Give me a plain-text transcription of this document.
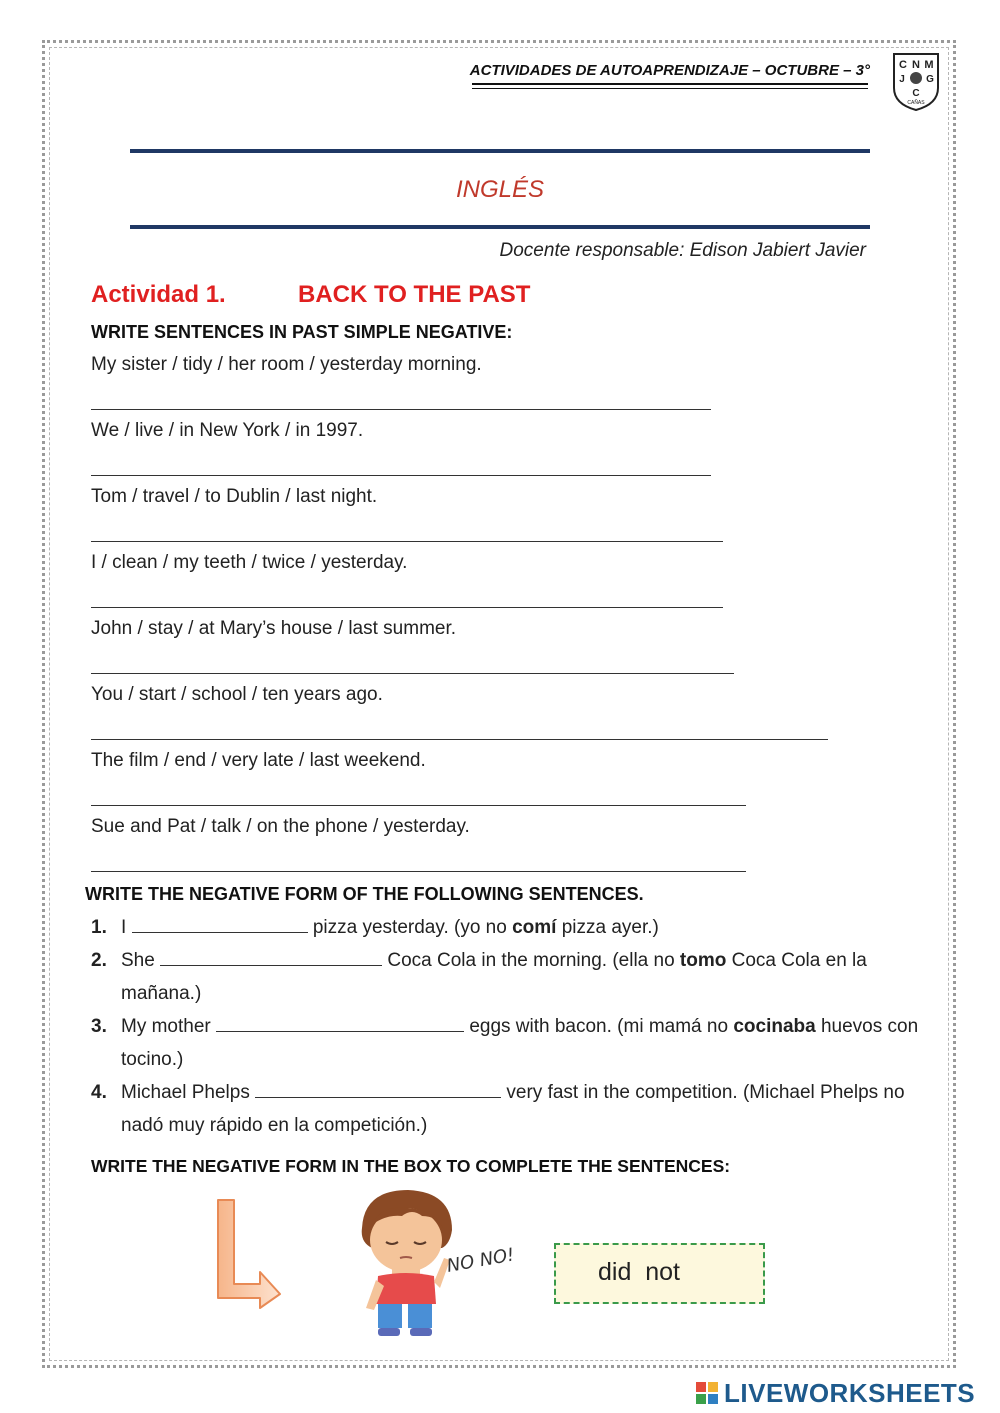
ACTIVIDADES DE AUTOAPRENDIZAJE – OCTUBRE – 3°	C N M
J G
C
CAÑAS
INGLÉS
Docente responsable: Edison Jabiert Javier
Actividad 1.	BACK TO THE PAST
WRITE SENTENCES IN PAST SIMPLE NEGATIVE:
My sister / tidy / her room / yesterday morning.
We / live / in New York / in 1997.
Tom / travel / to Dublin / last night.
I / clean / my teeth / twice / yesterday.
John / stay / at Mary’s house / last summer.
You / start / school / ten years ago.
The film / end / very late / last weekend.
Sue and Pat / talk / on the phone / yesterday.
WRITE THE NEGATIVE FORM OF THE FOLLOWING SENTENCES.
1. I	pizza yesterday. (yo no comí pizza ayer.)
2. She	Coca Cola in the morning. (ella no tomo Coca Cola en la mañana.)
3. My mother	eggs with bacon. (mi mamá no cocinaba huevos con tocino.)
4. Michael Phelps	very fast in the competition. (Michael Phelps no nadó muy rápido en la competición.)
WRITE THE NEGATIVE FORM IN THE BOX TO COMPLETE THE SENTENCES:
NO NO!	did  not
LIVEWORKSHEETS
